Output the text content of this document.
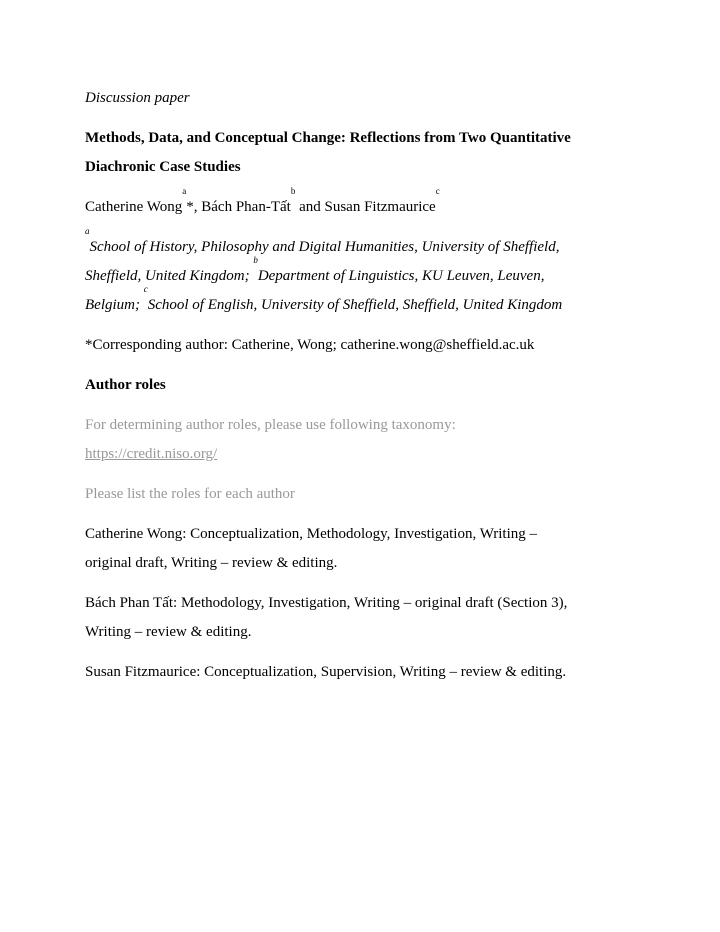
Discussion paper

Methods, Data, and Conceptual Change: Reflections from Two Quantitative

Diachronic Case Studies

Catherine Wong$^a$*, Bách Phan-Tất$^b$ and Susan Fitzmaurice$^c$

$^a$School of History, Philosophy and Digital Humanities, University of Sheffield,

Sheffield, United Kingdom; $^b$Department of Linguistics, KU Leuven, Leuven,

Belgium; $^c$School of English, University of Sheffield, Sheffield, United Kingdom

*Corresponding author: Catherine, Wong; catherine.wong@sheffield.ac.uk

Author roles

For determining author roles, please use following taxonomy:

https://credit.niso.org/

Please list the roles for each author

Catherine Wong: Conceptualization, Methodology, Investigation, Writing –

original draft, Writing – review & editing.

Bách Phan Tất: Methodology, Investigation, Writing – original draft (Section 3),

Writing – review & editing.

Susan Fitzmaurice: Conceptualization, Supervision, Writing – review & editing.
